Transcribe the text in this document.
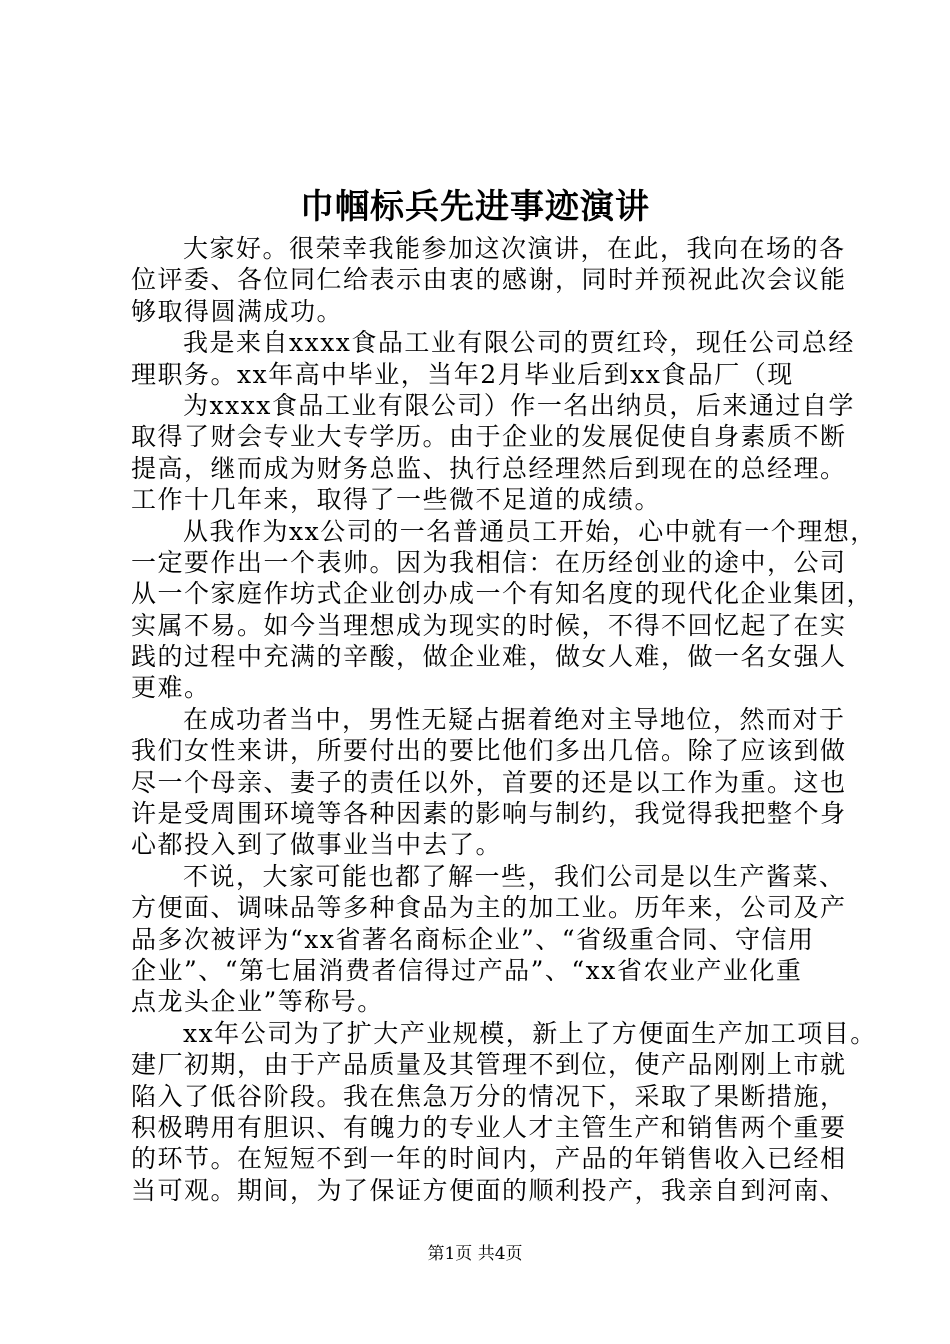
巾帼标兵先进事迹演讲
大家好。很荣幸我能参加这次演讲，在此，我向在场的各
位评委、各位同仁给表示由衷的感谢，同时并预祝此次会议能
够取得圆满成功。
我是来自xxxx食品工业有限公司的贾红玲，现任公司总经
理职务。xx年高中毕业，当年2月毕业后到xx食品厂（现
为xxxx食品工业有限公司）作一名出纳员，后来通过自学
取得了财会专业大专学历。由于企业的发展促使自身素质不断
提高，继而成为财务总监、执行总经理然后到现在的总经理。
工作十几年来，取得了一些微不足道的成绩。
从我作为xx公司的一名普通员工开始，心中就有一个理想，
一定要作出一个表帅。因为我相信：在历经创业的途中，公司
从一个家庭作坊式企业创办成一个有知名度的现代化企业集团，
实属不易。如今当理想成为现实的时候，不得不回忆起了在实
践的过程中充满的辛酸，做企业难，做女人难，做一名女强人
更难。
在成功者当中，男性无疑占据着绝对主导地位，然而对于
我们女性来讲，所要付出的要比他们多出几倍。除了应该到做
尽一个母亲、妻子的责任以外，首要的还是以工作为重。这也
许是受周围环境等各种因素的影响与制约，我觉得我把整个身
心都投入到了做事业当中去了。
不说，大家可能也都了解一些，我们公司是以生产酱菜、
方便面、调味品等多种食品为主的加工业。历年来，公司及产
品多次被评为“xx省著名商标企业”、“省级重合同、守信用
企业”、“第七届消费者信得过产品”、“xx省农业产业化重
点龙头企业”等称号。
xx年公司为了扩大产业规模，新上了方便面生产加工项目。
建厂初期，由于产品质量及其管理不到位，使产品刚刚上市就
陷入了低谷阶段。我在焦急万分的情况下，采取了果断措施，
积极聘用有胆识、有魄力的专业人才主管生产和销售两个重要
的环节。在短短不到一年的时间内，产品的年销售收入已经相
当可观。期间，为了保证方便面的顺利投产，我亲自到河南、
第1页 共4页
